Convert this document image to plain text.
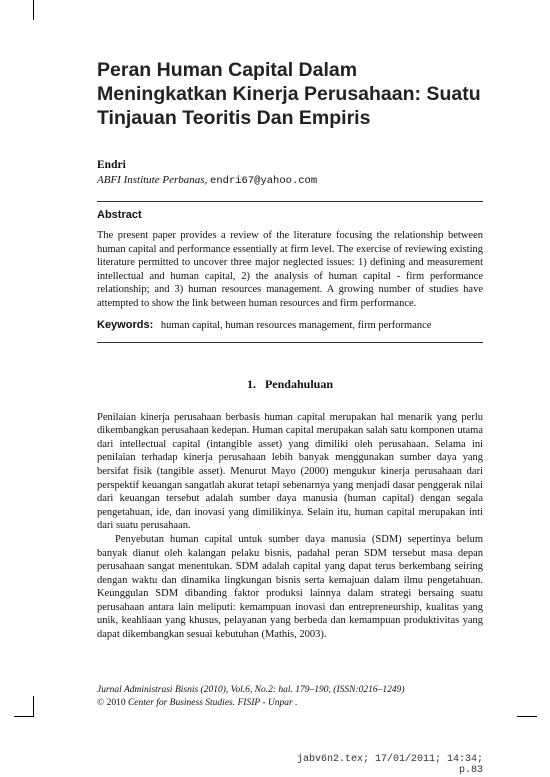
Peran Human Capital Dalam Meningkatkan Kinerja Perusahaan: Suatu Tinjauan Teoritis Dan Empiris
Endri
ABFI Institute Perbanas, endri67@yahoo.com
Abstract
The present paper provides a review of the literature focusing the relationship between human capital and performance essentially at firm level. The exercise of reviewing existing literature permitted to uncover three major neglected issues: 1) defining and measurement intellectual and human capital, 2) the analysis of human capital - firm performance relationship; and 3) human resources management. A growing number of studies have attempted to show the link between human resources and firm performance.
Keywords: human capital, human resources management, firm performance
1. Pendahuluan

Penilaian kinerja perusahaan berbasis human capital merupakan hal menarik yang perlu dikembangkan perusahaan kedepan. Human capital merupakan salah satu komponen utama dari intellectual capital (intangible asset) yang dimiliki oleh perusahaan. Selama ini penilaian terhadap kinerja perusahaan lebih banyak menggunakan sumber daya yang bersifat fisik (tangible asset). Menurut Mayo (2000) mengukur kinerja perusahaan dari perspektif keuangan sangatlah akurat tetapi sebenarnya yang menjadi dasar penggerak nilai dari keuangan tersebut adalah sumber daya manusia (human capital) dengan segala pengetahuan, ide, dan inovasi yang dimilikinya. Selain itu, human capital merupakan inti dari suatu perusahaan.

Penyebutan human capital untuk sumber daya manusia (SDM) sepertinya belum banyak dianut oleh kalangan pelaku bisnis, padahal peran SDM tersebut masa depan perusahaan sangat menentukan. SDM adalah capital yang dapat terus berkembang seiring dengan waktu dan dinamika lingkungan bisnis serta kemajuan dalam ilmu pengetahuan. Keunggulan SDM dibanding faktor produksi lainnya dalam strategi bersaing suatu perusahaan antara lain meliputi: kemampuan inovasi dan entrepreneurship, kualitas yang unik, keahliaan yang khusus, pelayanan yang berbeda dan kemampuan produktivitas yang dapat dikembangkan sesuai kebutuhan (Mathis, 2003).

Jurnal Administrasi Bisnis (2010), Vol.6, No.2: hal. 179–190, (ISSN:0216–1249)
© 2010 Center for Business Studies. FISIP - Unpar .
jabv6n2.tex; 17/01/2011; 14:34; p.83
